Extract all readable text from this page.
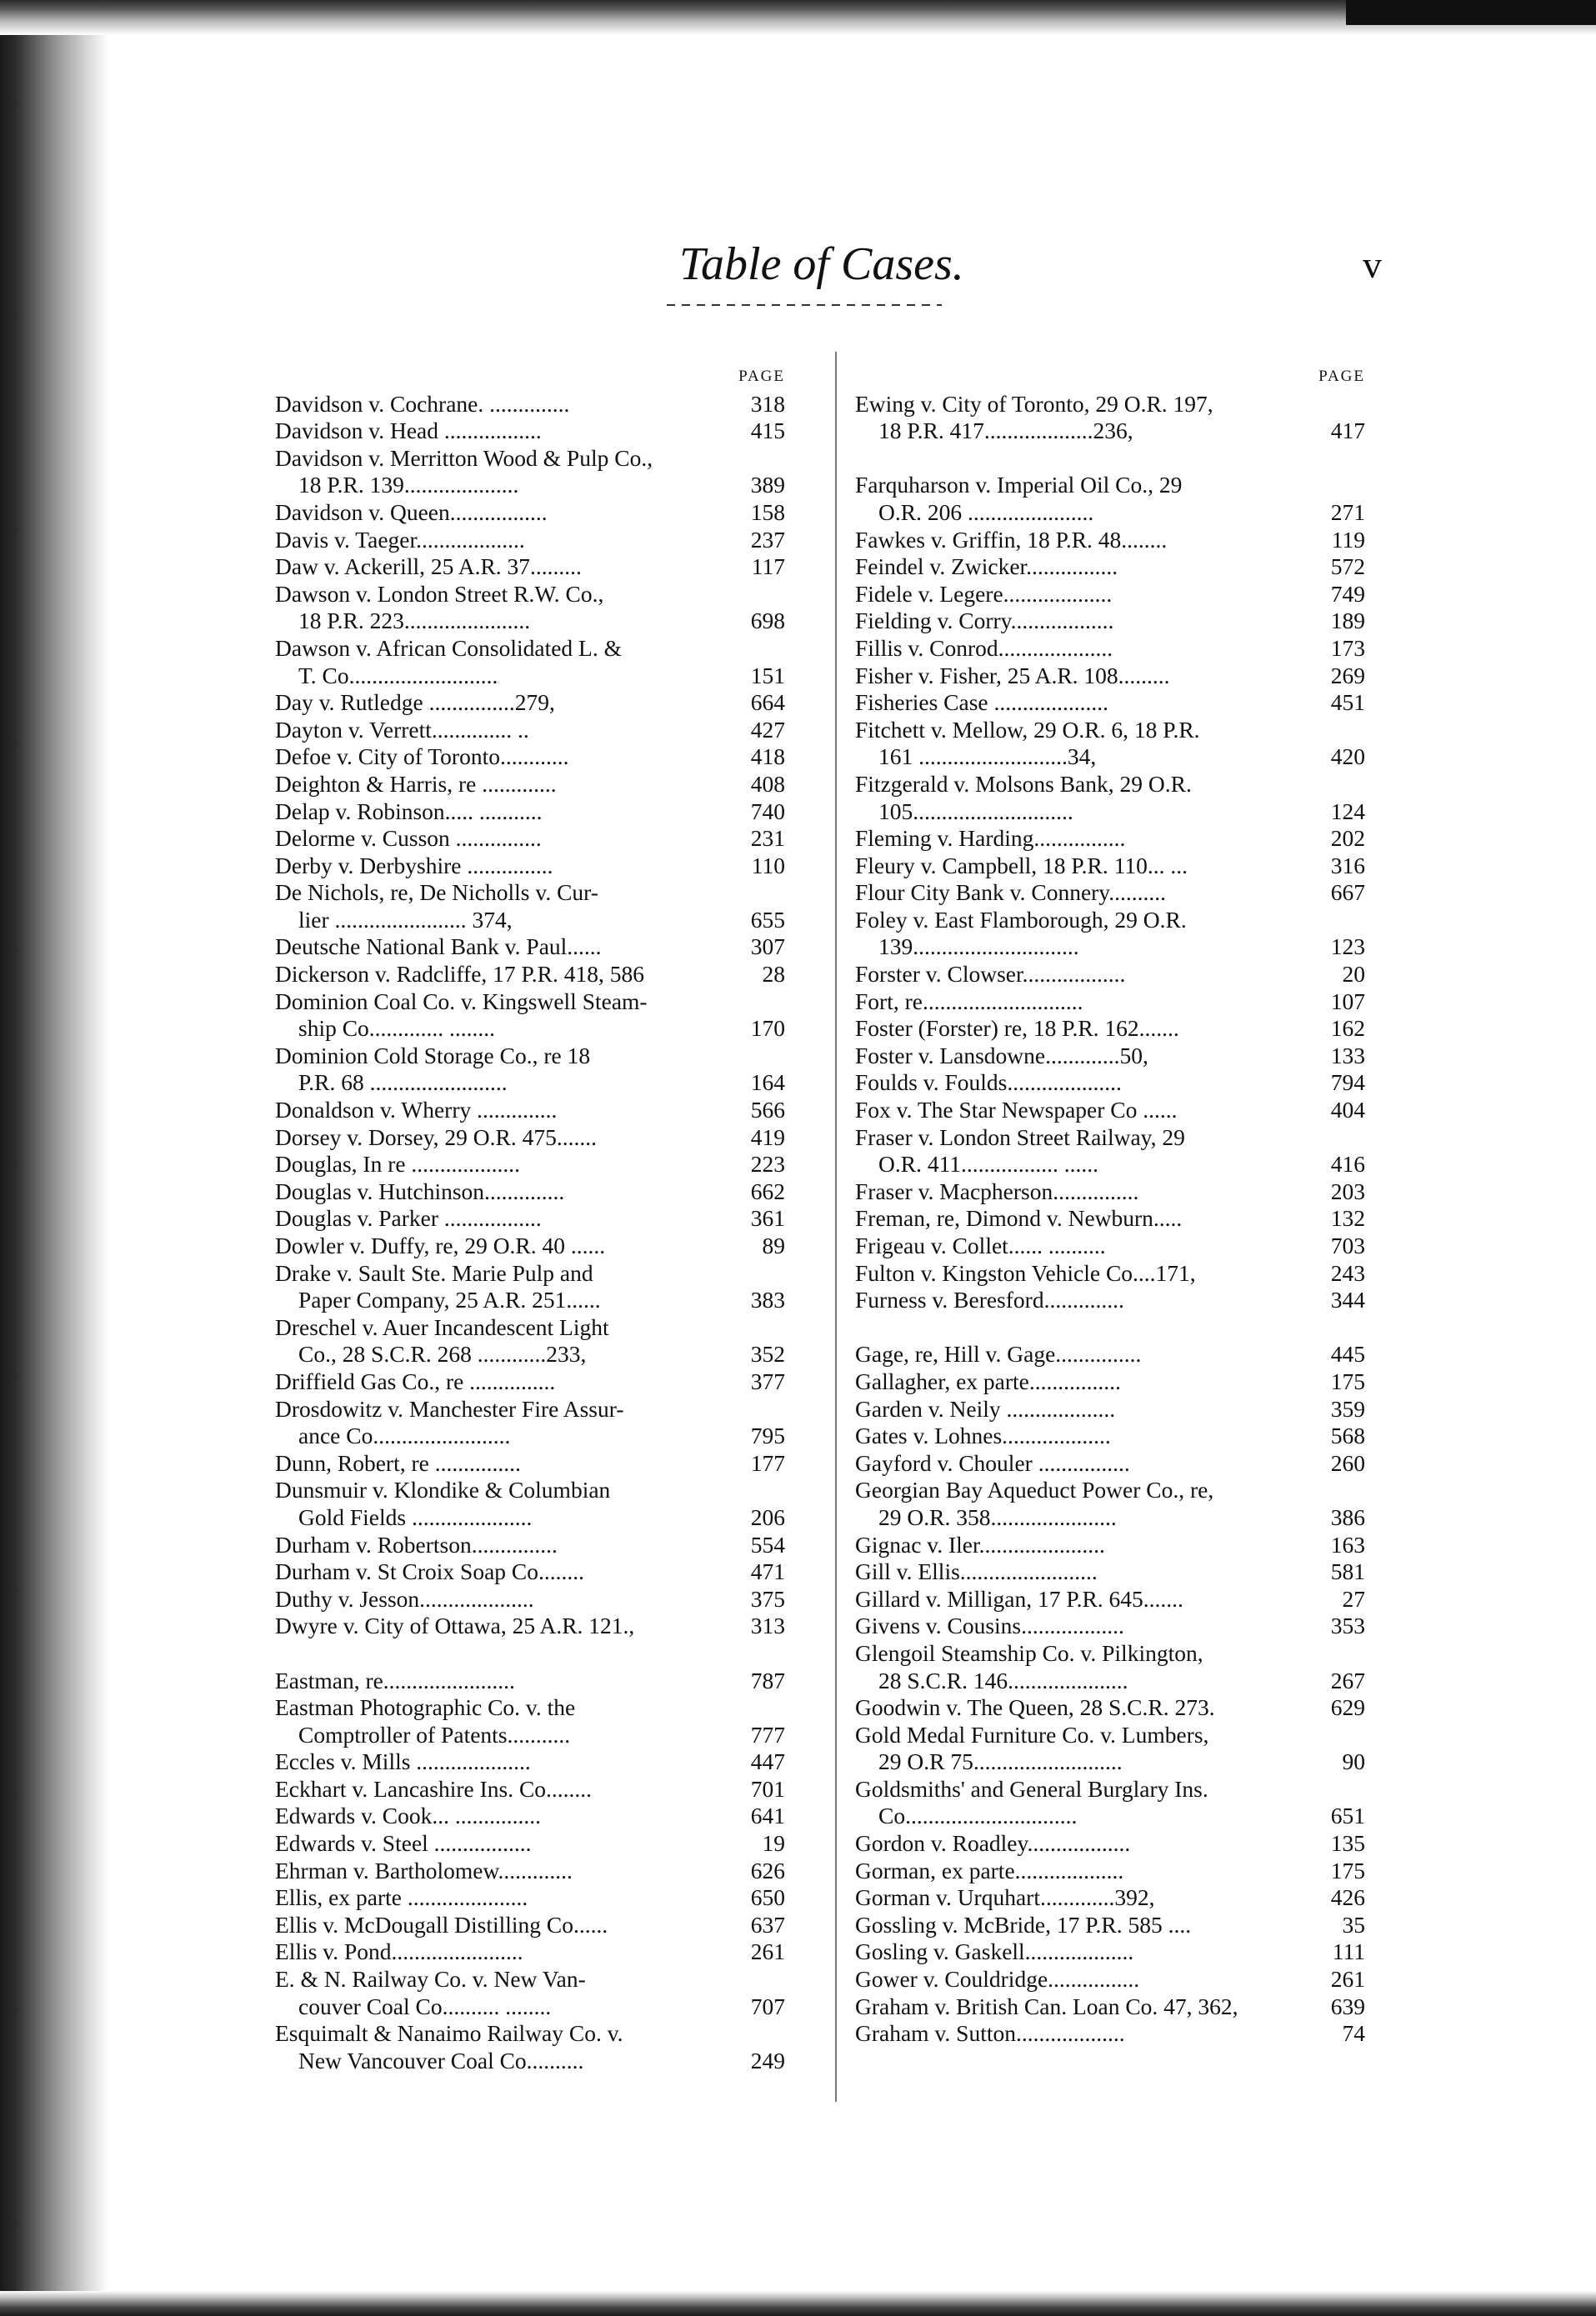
Table of Cases.	v
PAGE
Davidson v. Cochrane. ..............	318
Davidson v. Head .................	415
Davidson v. Merritton Wood & Pulp Co.,
18 P.R. 139....................	389
Davidson v. Queen.................	158
Davis v. Taeger...................	237
Daw v. Ackerill, 25 A.R. 37.........	117
Dawson v. London Street R.W. Co.,
18 P.R. 223......................	698
Dawson v. African Consolidated L. &
T. Co..........................	151
Day v. Rutledge ...............279,	664
Dayton v. Verrett.............. ..	427
Defoe v. City of Toronto............	418
Deighton & Harris, re .............	408
Delap v. Robinson..... ...........	740
Delorme v. Cusson ...............	231
Derby v. Derbyshire ...............	110
De Nichols, re, De Nicholls v. Cur-
lier ....................... 374,	655
Deutsche National Bank v. Paul......	307
Dickerson v. Radcliffe, 17 P.R. 418, 586	28
Dominion Coal Co. v. Kingswell Steam-
ship Co............. ........	170
Dominion Cold Storage Co., re 18
P.R. 68 ........................	164
Donaldson v. Wherry ..............	566
Dorsey v. Dorsey, 29 O.R. 475.......	419
Douglas, In re ...................	223
Douglas v. Hutchinson..............	662
Douglas v. Parker .................	361
Dowler v. Duffy, re, 29 O.R. 40 ......	89
Drake v. Sault Ste. Marie Pulp and
Paper Company, 25 A.R. 251......	383
Dreschel v. Auer Incandescent Light
Co., 28 S.C.R. 268 ............233,	352
Driffield Gas Co., re ...............	377
Drosdowitz v. Manchester Fire Assur-
ance Co........................	795
Dunn, Robert, re ...............	177
Dunsmuir v. Klondike & Columbian
Gold Fields .....................	206
Durham v. Robertson...............	554
Durham v. St Croix Soap Co........	471
Duthy v. Jesson....................	375
Dwyre v. City of Ottawa, 25 A.R. 121.,	313
Eastman, re.......................	787
Eastman Photographic Co. v. the
Comptroller of Patents...........	777
Eccles v. Mills ....................	447
Eckhart v. Lancashire Ins. Co........	701
Edwards v. Cook... ...............	641
Edwards v. Steel .................	19
Ehrman v. Bartholomew.............	626
Ellis, ex parte .....................	650
Ellis v. McDougall Distilling Co......	637
Ellis v. Pond.......................	261
E. & N. Railway Co. v. New Van-
couver Coal Co.......... ........	707
Esquimalt & Nanaimo Railway Co. v.
New Vancouver Coal Co..........	249
PAGE
Ewing v. City of Toronto, 29 O.R. 197,
18 P.R. 417...................236,	417
Farquharson v. Imperial Oil Co., 29
O.R. 206 ......................	271
Fawkes v. Griffin, 18 P.R. 48........	119
Feindel v. Zwicker................	572
Fidele v. Legere...................	749
Fielding v. Corry..................	189
Fillis v. Conrod....................	173
Fisher v. Fisher, 25 A.R. 108.........	269
Fisheries Case ....................	451
Fitchett v. Mellow, 29 O.R. 6, 18 P.R.
161 ..........................34,	420
Fitzgerald v. Molsons Bank, 29 O.R.
105............................	124
Fleming v. Harding................	202
Fleury v. Campbell, 18 P.R. 110... ...	316
Flour City Bank v. Connery..........	667
Foley v. East Flamborough, 29 O.R.
139.............................	123
Forster v. Clowser..................	20
Fort, re............................	107
Foster (Forster) re, 18 P.R. 162.......	162
Foster v. Lansdowne.............50,	133
Foulds v. Foulds....................	794
Fox v. The Star Newspaper Co ......	404
Fraser v. London Street Railway, 29
O.R. 411................. ......	416
Fraser v. Macpherson...............	203
Freman, re, Dimond v. Newburn.....	132
Frigeau v. Collet...... ..........	703
Fulton v. Kingston Vehicle Co....171,	243
Furness v. Beresford..............	344
Gage, re, Hill v. Gage...............	445
Gallagher, ex parte................	175
Garden v. Neily ...................	359
Gates v. Lohnes...................	568
Gayford v. Chouler ................	260
Georgian Bay Aqueduct Power Co., re,
29 O.R. 358......................	386
Gignac v. Iler......................	163
Gill v. Ellis........................	581
Gillard v. Milligan, 17 P.R. 645.......	27
Givens v. Cousins..................	353
Glengoil Steamship Co. v. Pilkington,
28 S.C.R. 146.....................	267
Goodwin v. The Queen, 28 S.C.R. 273.	629
Gold Medal Furniture Co. v. Lumbers,
29 O.R 75..........................	90
Goldsmiths' and General Burglary Ins.
Co..............................	651
Gordon v. Roadley..................	135
Gorman, ex parte...................	175
Gorman v. Urquhart.............392,	426
Gossling v. McBride, 17 P.R. 585 ....	35
Gosling v. Gaskell...................	111
Gower v. Couldridge................	261
Graham v. British Can. Loan Co. 47, 362,	639
Graham v. Sutton...................	74
